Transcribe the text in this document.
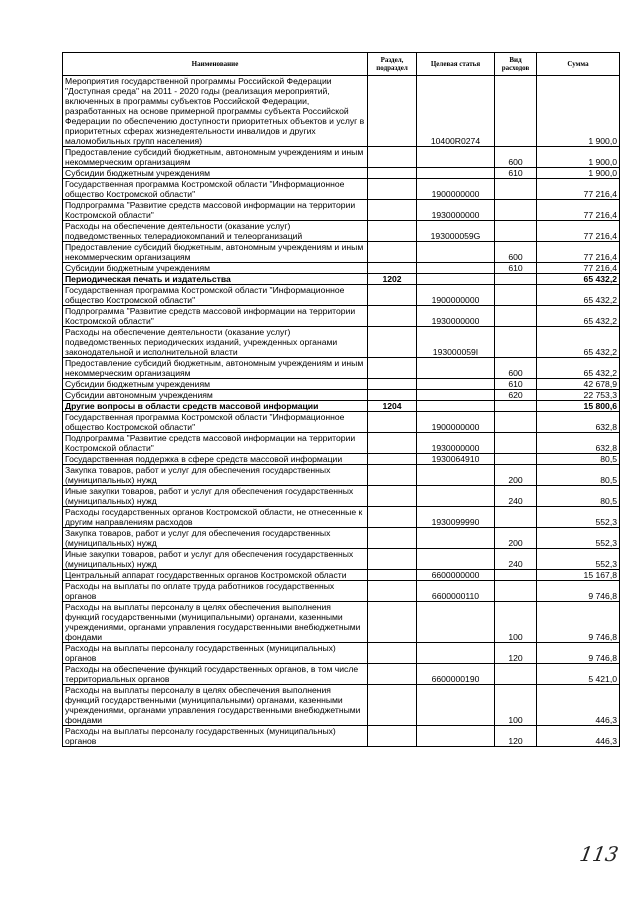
Наименование	Раздел, подраздел	Целевая статья	Вид расходов	Сумма
Мероприятия государственной программы Российской Федерации "Доступная среда" на 2011 - 2020 годы (реализация мероприятий, включенных в программы субъектов Российской Федерации, разработанных на основе примерной программы субъекта Российской Федерации по обеспечению доступности приоритетных объектов и услуг в приоритетных сферах жизнедеятельности инвалидов и других маломобильных групп населения)		10400R0274		1 900,0
Предоставление субсидий бюджетным, автономным учреждениям и иным некоммерческим организациям			600	1 900,0
Субсидии бюджетным учреждениям			610	1 900,0
Государственная программа Костромской области "Информационное общество Костромской области"		1900000000		77 216,4
Подпрограмма "Развитие средств массовой информации на территории Костромской области"		1930000000		77 216,4
Расходы на обеспечение деятельности (оказание услуг) подведомственных телерадиокомпаний и телеорганизаций		193000059G		77 216,4
Предоставление субсидий бюджетным, автономным учреждениям и иным некоммерческим организациям			600	77 216,4
Субсидии бюджетным учреждениям			610	77 216,4
Периодическая печать и издательства	1202			65 432,2
Государственная программа Костромской области "Информационное общество Костромской области"		1900000000		65 432,2
Подпрограмма "Развитие средств массовой информации на территории Костромской области"		1930000000		65 432,2
Расходы на обеспечение деятельности (оказание услуг) подведомственных периодических изданий, учрежденных органами законодательной и исполнительной власти		193000059I		65 432,2
Предоставление субсидий бюджетным, автономным учреждениям и иным некоммерческим организациям			600	65 432,2
Субсидии бюджетным учреждениям			610	42 678,9
Субсидии автономным учреждениям			620	22 753,3
Другие вопросы в области средств массовой информации	1204			15 800,6
Государственная программа Костромской области "Информационное общество Костромской области"		1900000000		632,8
Подпрограмма "Развитие средств массовой информации на территории Костромской области"		1930000000		632,8
Государственная поддержка в сфере средств массовой информации		1930064910		80,5
Закупка товаров, работ и услуг для обеспечения государственных (муниципальных) нужд			200	80,5
Иные закупки товаров, работ и услуг для обеспечения государственных (муниципальных) нужд			240	80,5
Расходы государственных органов Костромской области, не отнесенные к другим направлениям расходов		1930099990		552,3
Закупка товаров, работ и услуг для обеспечения государственных (муниципальных) нужд			200	552,3
Иные закупки товаров, работ и услуг для обеспечения государственных (муниципальных) нужд			240	552,3
Центральный аппарат государственных органов Костромской области		6600000000		15 167,8
Расходы на выплаты по оплате труда работников государственных органов		6600000110		9 746,8
Расходы на выплаты персоналу в целях обеспечения выполнения функций государственными (муниципальными) органами, казенными учреждениями, органами управления государственными внебюджетными фондами			100	9 746,8
Расходы на выплаты персоналу государственных (муниципальных) органов			120	9 746,8
Расходы на обеспечение функций государственных органов, в том числе территориальных органов		6600000190		5 421,0
Расходы на выплаты персоналу в целях обеспечения выполнения функций государственными (муниципальными) органами, казенными учреждениями, органами управления государственными внебюджетными фондами			100	446,3
Расходы на выплаты персоналу государственных (муниципальных) органов			120	446,3
113
